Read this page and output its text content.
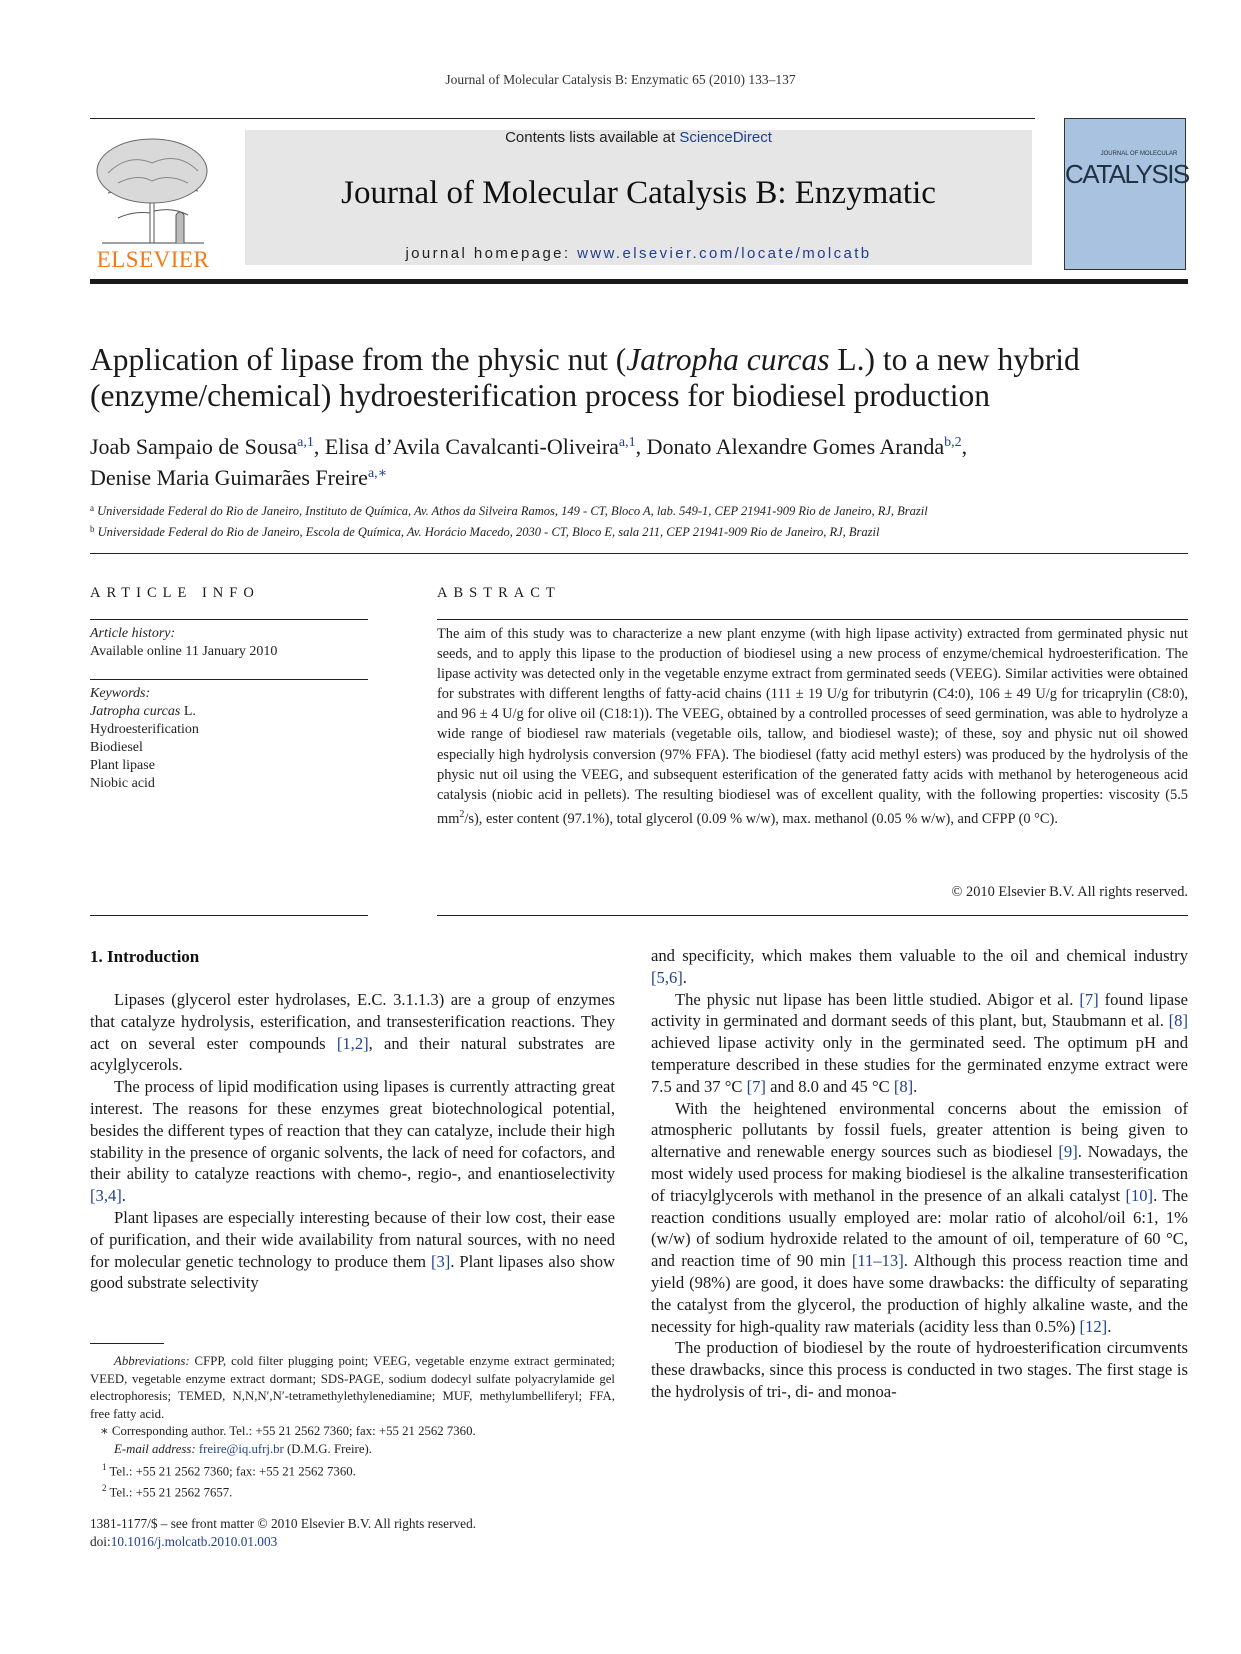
Journal of Molecular Catalysis B: Enzymatic 65 (2010) 133–137
ELSEVIER
Contents lists available at ScienceDirect
Journal of Molecular Catalysis B: Enzymatic
journal homepage: www.elsevier.com/locate/molcatb
JOURNAL OF MOLECULAR
CATALYSIS
Application of lipase from the physic nut (Jatropha curcas L.) to a new hybrid
(enzyme/chemical) hydroesterification process for biodiesel production
Joab Sampaio de Sousa$^{a,1}$, Elisa d’Avila Cavalcanti-Oliveira$^{a,1}$, Donato Alexandre Gomes Aranda$^{b,2}$,
Denise Maria Guimarães Freire$^{a,∗}$
$^a$ Universidade Federal do Rio de Janeiro, Instituto de Química, Av. Athos da Silveira Ramos, 149 - CT, Bloco A, lab. 549-1, CEP 21941-909 Rio de Janeiro, RJ, Brazil
$^b$ Universidade Federal do Rio de Janeiro, Escola de Química, Av. Horácio Macedo, 2030 - CT, Bloco E, sala 211, CEP 21941-909 Rio de Janeiro, RJ, Brazil
ARTICLE INFO
Article history:
Available online 11 January 2010
Keywords:
Jatropha curcas L.
Hydroesterification
Biodiesel
Plant lipase
Niobic acid
ABSTRACT
The aim of this study was to characterize a new plant enzyme (with high lipase activity) extracted from germinated physic nut seeds, and to apply this lipase to the production of biodiesel using a new process of enzyme/chemical hydroesterification. The lipase activity was detected only in the vegetable enzyme extract from germinated seeds (VEEG). Similar activities were obtained for substrates with different lengths of fatty-acid chains (111 ± 19 U/g for tributyrin (C4:0), 106 ± 49 U/g for tricaprylin (C8:0), and 96 ± 4 U/g for olive oil (C18:1)). The VEEG, obtained by a controlled processes of seed germination, was able to hydrolyze a wide range of biodiesel raw materials (vegetable oils, tallow, and biodiesel waste); of these, soy and physic nut oil showed especially high hydrolysis conversion (97% FFA). The biodiesel (fatty acid methyl esters) was produced by the hydrolysis of the physic nut oil using the VEEG, and subsequent esterification of the generated fatty acids with methanol by heterogeneous acid catalysis (niobic acid in pellets). The resulting biodiesel was of excellent quality, with the following properties: viscosity (5.5 $mm^2/s$), ester content (97.1%), total glycerol (0.09 % w/w), max. methanol (0.05 % w/w), and CFPP (0 °C).
© 2010 Elsevier B.V. All rights reserved.
1. Introduction

Lipases (glycerol ester hydrolases, E.C. 3.1.1.3) are a group of enzymes that catalyze hydrolysis, esterification, and transesterification reactions. They act on several ester compounds [1,2], and their natural substrates are acylglycerols.

The process of lipid modification using lipases is currently attracting great interest. The reasons for these enzymes great biotechnological potential, besides the different types of reaction that they can catalyze, include their high stability in the presence of organic solvents, the lack of need for cofactors, and their ability to catalyze reactions with chemo-, regio-, and enantioselectivity [3,4].

Plant lipases are especially interesting because of their low cost, their ease of purification, and their wide availability from natural sources, with no need for molecular genetic technology to produce them [3]. Plant lipases also show good substrate selectivity

and specificity, which makes them valuable to the oil and chemical industry [5,6].

The physic nut lipase has been little studied. Abigor et al. [7] found lipase activity in germinated and dormant seeds of this plant, but, Staubmann et al. [8] achieved lipase activity only in the germinated seed. The optimum pH and temperature described in these studies for the germinated enzyme extract were 7.5 and 37 °C [7] and 8.0 and 45 °C [8].

With the heightened environmental concerns about the emission of atmospheric pollutants by fossil fuels, greater attention is being given to alternative and renewable energy sources such as biodiesel [9]. Nowadays, the most widely used process for making biodiesel is the alkaline transesterification of triacylglycerols with methanol in the presence of an alkali catalyst [10]. The reaction conditions usually employed are: molar ratio of alcohol/oil 6:1, 1% (w/w) of sodium hydroxide related to the amount of oil, temperature of 60 °C, and reaction time of 90 min [11–13]. Although this process reaction time and yield (98%) are good, it does have some drawbacks: the difficulty of separating the catalyst from the glycerol, the production of highly alkaline waste, and the necessity for high-quality raw materials (acidity less than 0.5%) [12].

The production of biodiesel by the route of hydroesterification circumvents these drawbacks, since this process is conducted in two stages. The first stage is the hydrolysis of tri-, di- and monoa-

Abbreviations: CFPP, cold filter plugging point; VEEG, vegetable enzyme extract germinated; VEED, vegetable enzyme extract dormant; SDS-PAGE, sodium dodecyl sulfate polyacrylamide gel electrophoresis; TEMED, N,N,N′,N′-tetramethylethylenediamine; MUF, methylumbelliferyl; FFA, free fatty acid.

∗ Corresponding author. Tel.: +55 21 2562 7360; fax: +55 21 2562 7360.

E-mail address: freire@iq.ufrj.br (D.M.G. Freire).

$^1$ Tel.: +55 21 2562 7360; fax: +55 21 2562 7360.

$^2$ Tel.: +55 21 2562 7657.

1381-1177/$ – see front matter © 2010 Elsevier B.V. All rights reserved.
doi:10.1016/j.molcatb.2010.01.003
